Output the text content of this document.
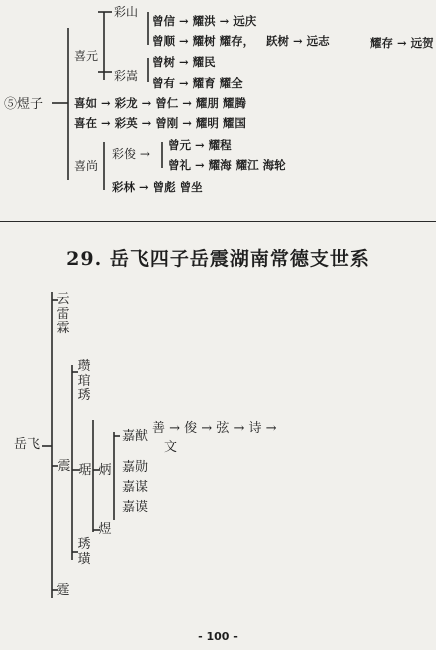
⑤煜子
喜元
彩山
曾信 → 耀洪 → 远庆
曾顺 → 耀树 耀存， 跃树 → 远志	耀存 → 远贺
彩嵩
曾树 → 耀民
曾有 → 耀育 耀全
喜如 → 彩龙 → 曾仁 → 耀朋 耀腾
喜在 → 彩英 → 曾刚 → 耀明 耀国
喜尚
彩俊 →
曾元 → 耀程
曾礼 → 耀海 耀江 海轮
彩林 → 曾彪 曾坐
29. 岳飞四子岳震湖南常德支世系
岳飞
云雷霖
震
霆
瓒琯琇
琚
琇璜
炳
煜
嘉猷
嘉勋
嘉谋
嘉谟
善 → 俊 → 弦 → 诗 →
文
- 100 -
